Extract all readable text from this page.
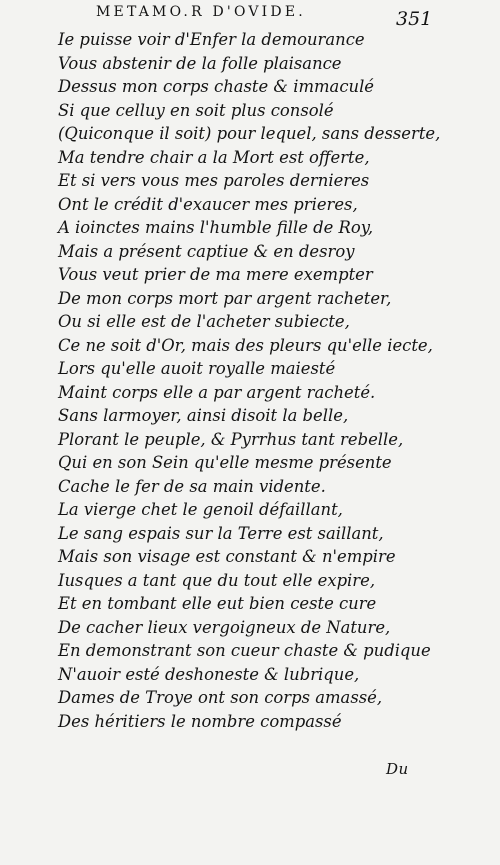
METAMO.R D'OVIDE.	351
Ie puisse voir d'Enfer la demourance
Vous abstenir de la folle plaisance
Dessus mon corps chaste & immaculé
Si que celluy en soit plus consolé
(Quiconque il soit) pour lequel, sans desserte,
Ma tendre chair a la Mort est offerte,
Et si vers vous mes paroles dernieres
Ont le crédit d'exaucer mes prieres,
A ioinctes mains l'humble fille de Roy,
Mais a présent captiue & en desroy
Vous veut prier de ma mere exempter
De mon corps mort par argent racheter,
Ou si elle est de l'acheter subiecte,
Ce ne soit d'Or, mais des pleurs qu'elle iecte,
Lors qu'elle auoit royalle maiesté
Maint corps elle a par argent racheté.
Sans larmoyer, ainsi disoit la belle,
Plorant le peuple, & Pyrrhus tant rebelle,
Qui en son Sein qu'elle mesme présente
Cache le fer de sa main vidente.
La vierge chet le genoil défaillant,
Le sang espais sur la Terre est saillant,
Mais son visage est constant & n'empire
Iusques a tant que du tout elle expire,
Et en tombant elle eut bien ceste cure
De cacher lieux vergoigneux de Nature,
En demonstrant son cueur chaste & pudique
N'auoir esté deshoneste & lubrique,
Dames de Troye ont son corps amassé,
Des héritiers le nombre compassé
Du
